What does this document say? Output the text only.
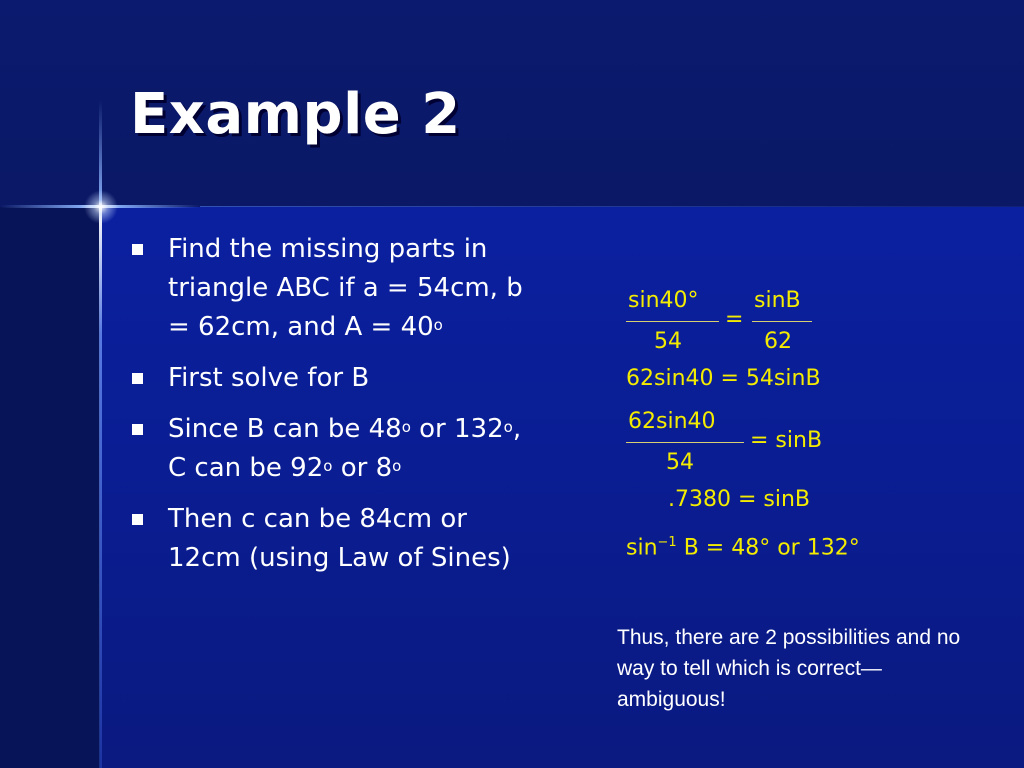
Example 2
Find the missing parts in triangle ABC if a = 54cm, b = 62cm, and $A = 40^o$
First solve for B
Since B can be 48$^o$ or 132$^o$, C can be 92$^o$ or 8$^o$
Then c can be 84cm or 12cm (using Law of Sines)
sin40°
54
=
sinB
62
62sin40 = 54sinB
62sin40
54
= sinB
.7380 = sinB
$\sin^{-1} B = 48^\circ$ or 132°
Thus, there are 2 possibilities and no way to tell which is correct—ambiguous!
